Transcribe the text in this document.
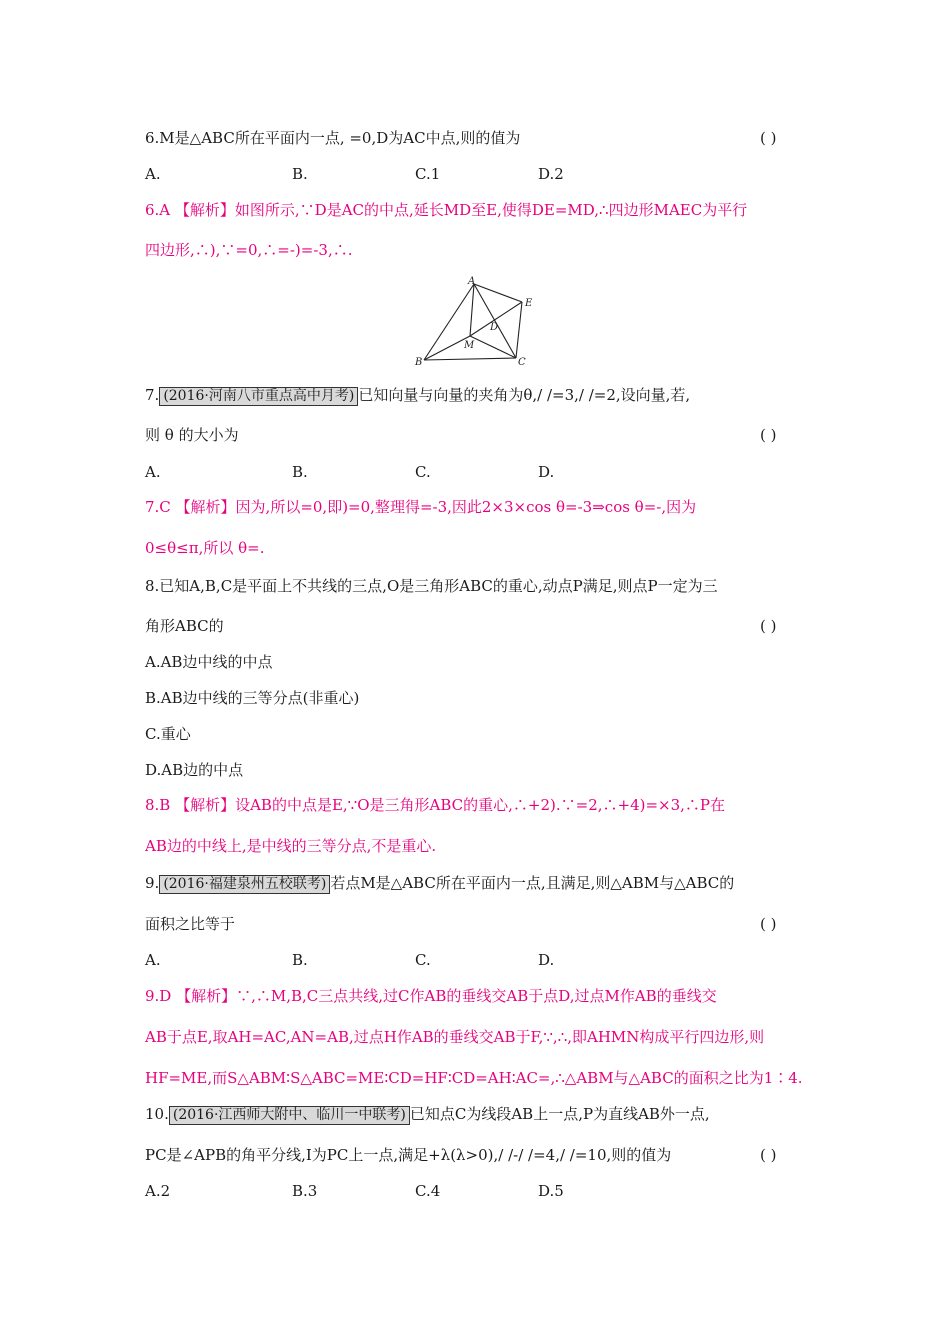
6.M是△ABC所在平面内一点, =0,D为AC中点,则的值为	( )
A.	B.	C.1	D.2
6.A 【解析】如图所示,∵D是AC的中点,延长MD至E,使得DE=MD,∴四边形MAEC为平行
四边形,∴),∵=0,∴=-)=-3,∴.
A
E
D
M
B	C
7. (2016·河南八市重点高中月考) 已知向量与向量的夹角为θ,/ /=3,/ /=2,设向量,若,
则 θ 的大小为	( )
A.	B.	C.	D.
7.C 【解析】因为,所以=0,即)=0,整理得=-3,因此2×3×cos θ=-3⇒cos θ=-,因为
0≤θ≤π,所以 θ=.
8.已知A,B,C是平面上不共线的三点,O是三角形ABC的重心,动点P满足,则点P一定为三
角形ABC的	( )
A.AB边中线的中点
B.AB边中线的三等分点(非重心)
C.重心
D.AB边的中点
8.B 【解析】设AB的中点是E,∵O是三角形ABC的重心,∴+2).∵=2,∴+4)=×3,∴P在
AB边的中线上,是中线的三等分点,不是重心.
9. (2016·福建泉州五校联考) 若点M是△ABC所在平面内一点,且满足,则△ABM与△ABC的
面积之比等于	( )
A.	B.	C.	D.
9.D 【解析】∵,∴M,B,C三点共线,过C作AB的垂线交AB于点D,过点M作AB的垂线交
AB于点E,取AH=AC,AN=AB,过点H作AB的垂线交AB于F,∵,∴,即AHMN构成平行四边形,则
HF=ME,而S△ABM∶S△ABC=ME∶CD=HF∶CD=AH∶AC=,∴△ABM与△ABC的面积之比为1∶4.
10. (2016·江西师大附中、临川一中联考) 已知点C为线段AB上一点,P为直线AB外一点,
PC是∠APB的角平分线,I为PC上一点,满足+λ(λ>0),/ /-/ /=4,/ /=10,则的值为	( )
A.2	B.3	C.4	D.5
